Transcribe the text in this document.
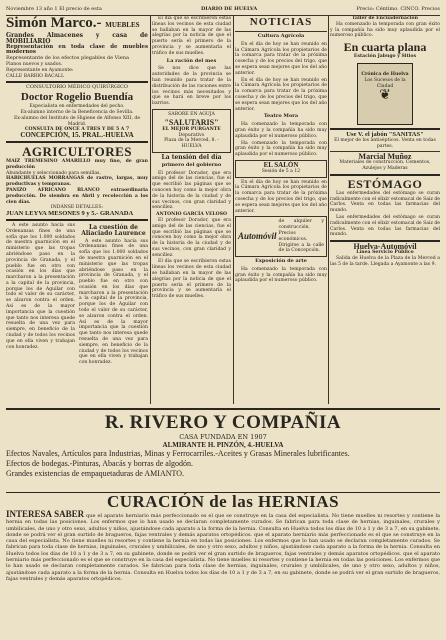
Noviembre 13 año 1 El precio de esta	DIARIO DE HUELVA	Precio: Céntimo. CINCO. Precios
Simón Marco.- MUEBLES
Grandes Almacenes y casa de MOBILIARIO
Representación en toda clase de muebles modernos
Representante de los efectos plegables de Viena
Pianos nuevos y usados.
Representante en Ayamonte:
CALLE BARRIO BACALL
CONSULTORIO MÉDICO QUIRÚRGICO
Doctor Rogelio Buendía
Especialista en enfermedades del pecho.
Ex-alumno interno de la Beneficencia de Sevilla.
Ex-alumno del Instituto de Higiene de Alfonso XIII, de Madrid.
CONSULTA DE ONCE A TRES Y DE 5 A 7
CONCEPCIÓN, 15. PRAL.-HUELVA
AGRICULTORES
MAIZ TREMESINO AMARILLO muy fino, de gran producción
Abundante y seleccionado para semillas.
HABICHUELAS MORRANGAS de rastro, largas, muy productivas y tempranas.
PANIZO AFRICANO BLANCO extraordinaria producción. De siembra en Abril y recolección a los cien días.
INDÁNSE DETALLES:
JUAN LEYVA MESONES 9 y 5.- GRANADA

A este asunto hacía sus Ordenanzas fines de una sofía que los 1.000 soldados de nuestra guarnición en el ministerio que las tropas abriéndose paso en la provincia de Granada, y el pueblo fue en otro con ocasión en los días que marcharon a la presentación a la capital de la provincia, porque los de Aguilar con todo el valor de su carácter, se alzaron contra el orden. Así es de la mayor importancia que la cuestión que tanto nos interesa quede resuelta de una vez para siempre, en beneficio de la ciudad y de todos los vecinos que en ella viven y trabajan con honradez.

La cuestión de Aliaciado Laurence

A este asunto hacía sus Ordenanzas fines de una sofía que los 1.000 soldados de nuestra guarnición en el ministerio que las tropas abriéndose paso en la provincia de Granada, y el pueblo fue en otro con ocasión en los días que marcharon a la presentación a la capital de la provincia, porque los de Aguilar con todo el valor de su carácter, se alzaron contra el orden. Así es de la mayor importancia que la cuestión que tanto nos interesa quede resuelta de una vez para siempre, en beneficio de la ciudad y de todos los vecinos que en ella viven y trabajan con honradez.

El día que se escribieron estas líneas los vecinos de esta ciudad se hallaban en la mayor de las alegrías por la noticia de que el puerto sería el primero de la provincia y se aumentaría el tráfico de sus muelles.

La ración del mes

Se nos dice que las autoridades de la provincia se han reunido para tratar de la distribución de las raciones entre los vecinos más necesitados y que se hará en breve por los barrios.

SABORE EN AGUJA
"SALUTARIS"
EL MEJOR PURGANTE
Depuratívo
Plaza de la Merced, 8. - HUELVA
La tensión del día
primero del gobierno

El profesor Dorador, que era amigo del de las ciencias, fue el que escribió las páginas que se conocen hoy como la mejor obra de la historia de la ciudad y de sus vecinos, con gran claridad y sencillez.

ANTONIO GARCÍA VELOSO

El profesor Dorador, que era amigo del de las ciencias, fue el que escribió las páginas que se conocen hoy como la mejor obra de la historia de la ciudad y de sus vecinos, con gran claridad y sencillez.

El día que se escribieron estas líneas los vecinos de esta ciudad se hallaban en la mayor de las alegrías por la noticia de que el puerto sería el primero de la provincia y se aumentaría el tráfico de sus muelles.

NOTICIAS
Cultura Agrícola

En el día de hoy se han reunido en la Cámara Agrícola los propietarios de la comarca para tratar de la próxima cosecha y de los precios del trigo, que se espera sean mejores que los del año anterior.

En el día de hoy se han reunido en la Cámara Agrícola los propietarios de la comarca para tratar de la próxima cosecha y de los precios del trigo, que se espera sean mejores que los del año anterior.

Teatro Mora

Ha comenzado la temporada con gran éxito y la compañía ha sido muy aplaudida por el numeroso público.

Ha comenzado la temporada con gran éxito y la compañía ha sido muy aplaudida por el numeroso público.

EL SALÓN
Sesión de 5 a 12

En el día de hoy se han reunido en la Cámara Agrícola los propietarios de la comarca para tratar de la próxima cosecha y de los precios del trigo, que se espera sean mejores que los del año anterior.

Automóvil
de alquiler y construcción. Precios económicos. Dirigirse a la calle de la Concepción.
Exposición de arte

Ha comenzado la temporada con gran éxito y la compañía ha sido muy aplaudida por el numeroso público.

Taller de Encuadernación

Ha comenzado la temporada con gran éxito y la compañía ha sido muy aplaudida por el numeroso público.

En cuarta plana
Estación Jabugo y Sitios
Crónica de Huelva
Los Sucesos de la Ciudad
❦
Use V. el jabón "SANITAS"
El mejor de los antisépticos. Venta en todas partes.
Marcial Muñoz
Materiales de construcción. Cementos, Azulejos y Maderas
ESTÓMAGO

Las enfermedades del estómago se curan radicalmente con el elixir estomacal de Saiz de Carlos. Venta en todas las farmacias del mundo.

Las enfermedades del estómago se curan radicalmente con el elixir estomacal de Saiz de Carlos. Venta en todas las farmacias del mundo.

Huelva-Automóvil
Línea Servicio Público

Salida de Huelva de la Plaza de la Merced a las 5 de la tarde. Llegada a Ayamonte a las 9.

R. RIVERO Y COMPAÑIA
CASA FUNDADA EN 1907
ALMIRANTE H. PINZÓN, 4.-HUELVA
Efectos Navales, Artículos para Industrias, Minas y Ferrocarriles.-Aceites y Grasas Minerales lubrificantes.
Efectos de bodegas.-Pinturas, Abacás y borras de algodón.
Grandes existencias de empaquetaduras de AMIANTO.
CURACIÓN de las HERNIAS
INTERESA SABER que el aparato herniario más perfeccionado es el que se construye en la casa del especialista. No tiene muelles ni resortes y contiene la hernia en todas las posiciones. Los enfermos que lo han usado se declaran completamente curados. Se fabrican para toda clase de hernias, inguinales, crurales y umbilicales, de uno y otro sexo, adultos y niños, ajustándose cada aparato a la forma de la hernia. Consulta en Huelva todos los días de 10 a 1 y de 3 a 7, en su gabinete, donde se podrá ver el gran surtido de bragueros, fajas ventrales y demás aparatos ortopédicos. que el aparato herniario más perfeccionado es el que se construye en la casa del especialista. No tiene muelles ni resortes y contiene la hernia en todas las posiciones. Los enfermos que lo han usado se declaran completamente curados. Se fabrican para toda clase de hernias, inguinales, crurales y umbilicales, de uno y otro sexo, adultos y niños, ajustándose cada aparato a la forma de la hernia. Consulta en Huelva todos los días de 10 a 1 y de 3 a 7, en su gabinete, donde se podrá ver el gran surtido de bragueros, fajas ventrales y demás aparatos ortopédicos. que el aparato herniario más perfeccionado es el que se construye en la casa del especialista. No tiene muelles ni resortes y contiene la hernia en todas las posiciones. Los enfermos que lo han usado se declaran completamente curados. Se fabrican para toda clase de hernias, inguinales, crurales y umbilicales, de uno y otro sexo, adultos y niños, ajustándose cada aparato a la forma de la hernia. Consulta en Huelva todos los días de 10 a 1 y de 3 a 7, en su gabinete, donde se podrá ver el gran surtido de bragueros, fajas ventrales y demás aparatos ortopédicos.
